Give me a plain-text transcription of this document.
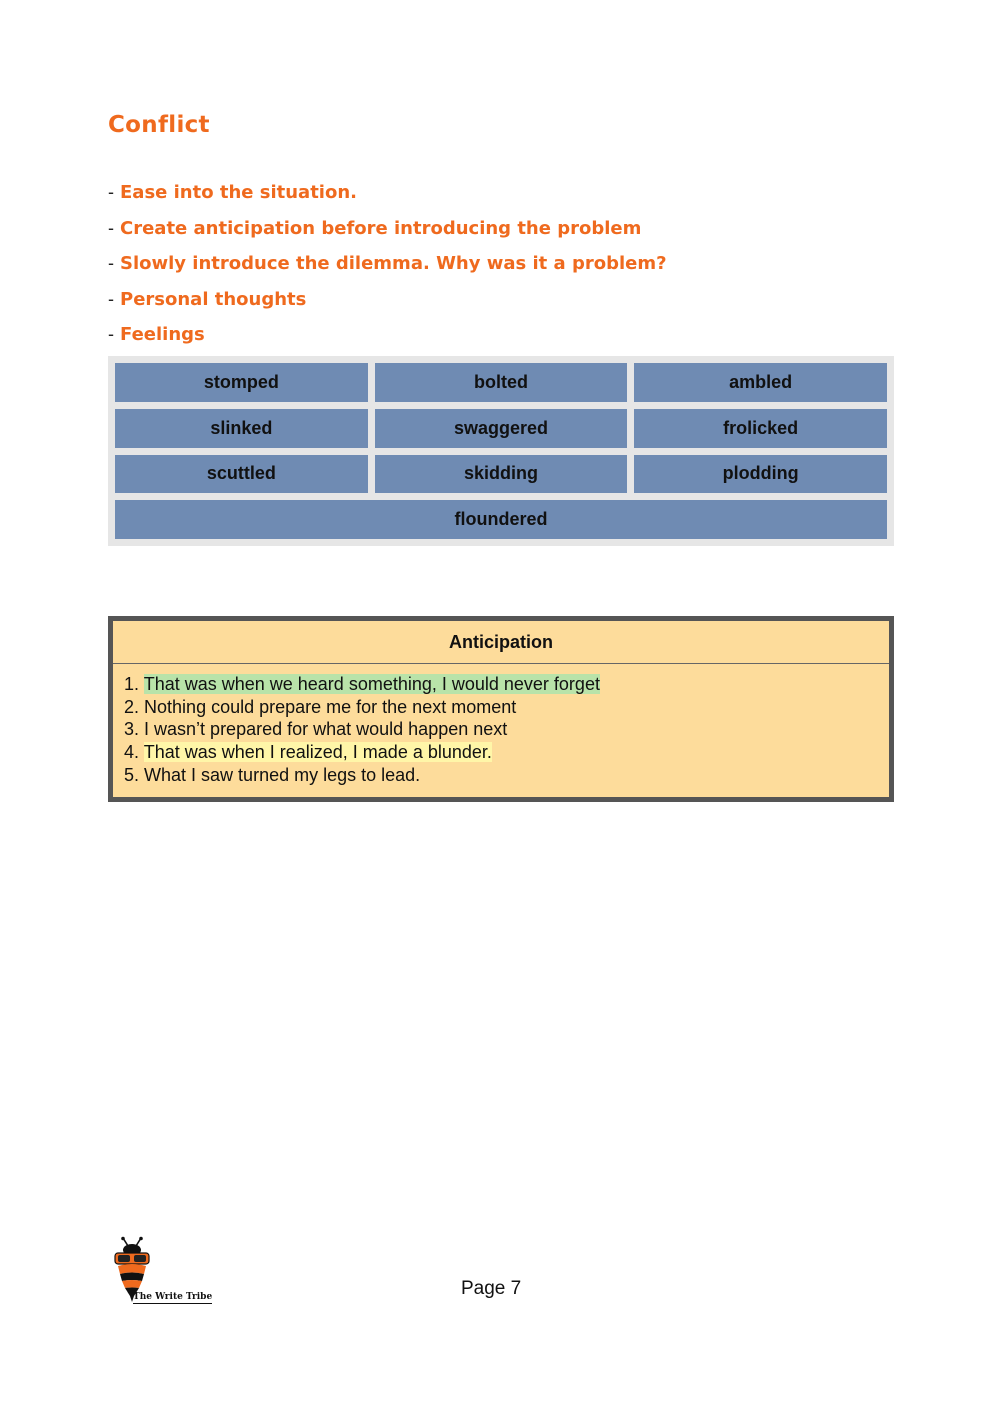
Conflict
- Ease into the situation.
- Create anticipation before introducing the problem
- Slowly introduce the dilemma. Why was it a problem?
- Personal thoughts
- Feelings
stomped	bolted	ambled
slinked	swaggered	frolicked
scuttled	skidding	plodding
floundered
Anticipation
1. That was when we heard something, I would never forget
2. Nothing could prepare me for the next moment
3. I wasn’t prepared for what would happen next
4. That was when I realized, I made a blunder.
5. What I saw turned my legs to lead.
The Write Tribe	Page 7
